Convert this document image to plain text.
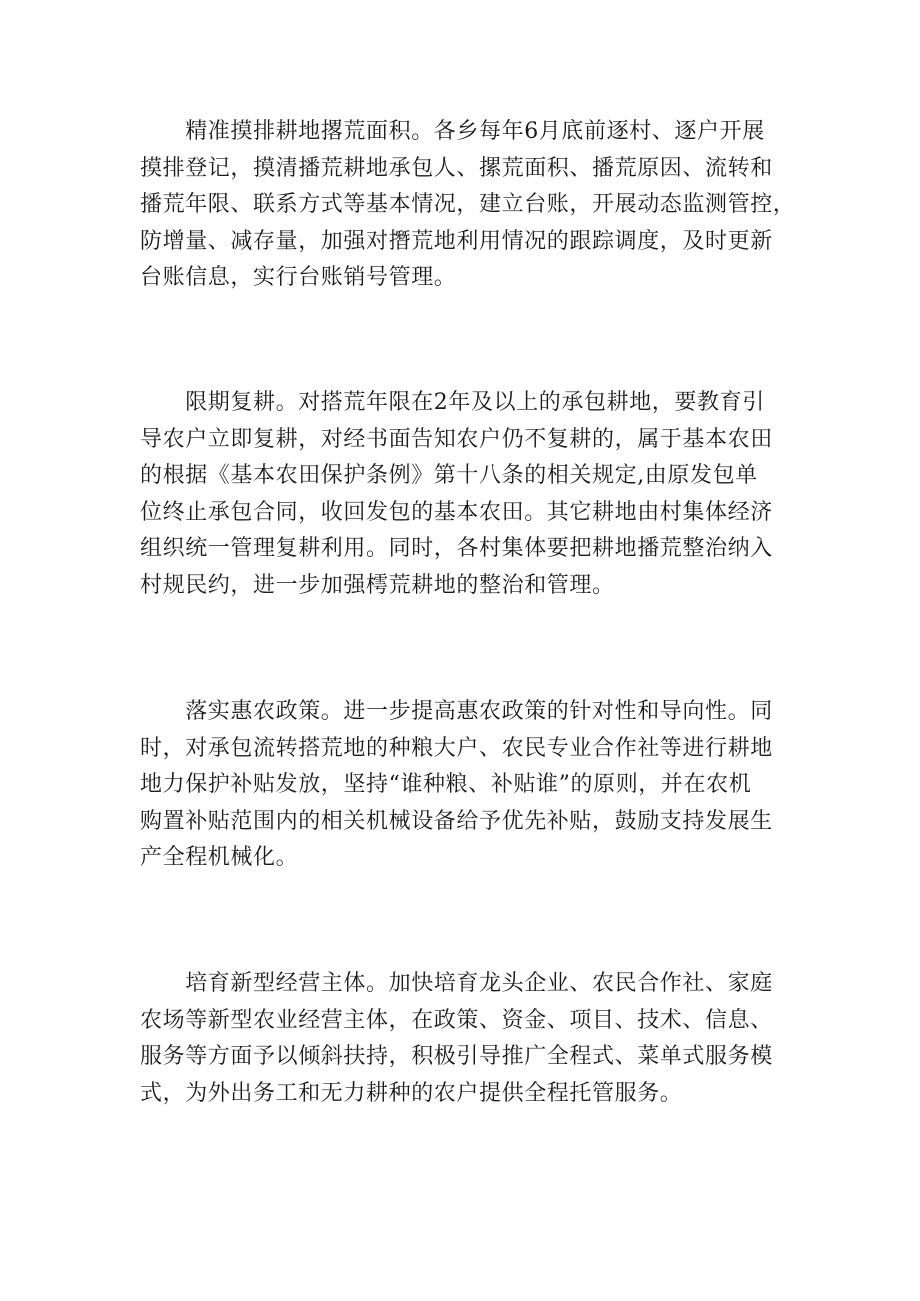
　　精准摸排耕地撂荒面积。各乡每年6月底前逐村、逐户开展
摸排登记，摸清播荒耕地承包人、摞荒面积、播荒原因、流转和
播荒年限、联系方式等基本情况，建立台账，开展动态监测管控，
防增量、减存量，加强对撍荒地利用情况的跟踪调度，及时更新
台账信息，实行台账销号管理。
　　限期复耕。对搭荒年限在2年及以上的承包耕地，要教育引
导农户立即复耕，对经书面告知农户仍不复耕的，属于基本农田
的根据《基本农田保护条例》第十八条的相关规定,由原发包单
位终止承包合同，收回发包的基本农田。其它耕地由村集体经济
组织统一管理复耕利用。同时，各村集体要把耕地播荒整治纳入
村规民约，进一步加强樗荒耕地的整治和管理。
　　落实惠农政策。进一步提高惠农政策的针对性和导向性。同
时，对承包流转搭荒地的种粮大户、农民专业合作社等进行耕地
地力保护补贴发放，坚持“谁种粮、补贴谁”的原则，并在农机
购置补贴范围内的相关机械设备给予优先补贴，鼓励支持发展生
产全程机械化。
　　培育新型经营主体。加快培育龙头企业、农民合作社、家庭
农场等新型农业经营主体，在政策、资金、项目、技术、信息、
服务等方面予以倾斜扶持，积极引导推广全程式、菜单式服务模
式，为外出务工和无力耕种的农户提供全程托管服务。
